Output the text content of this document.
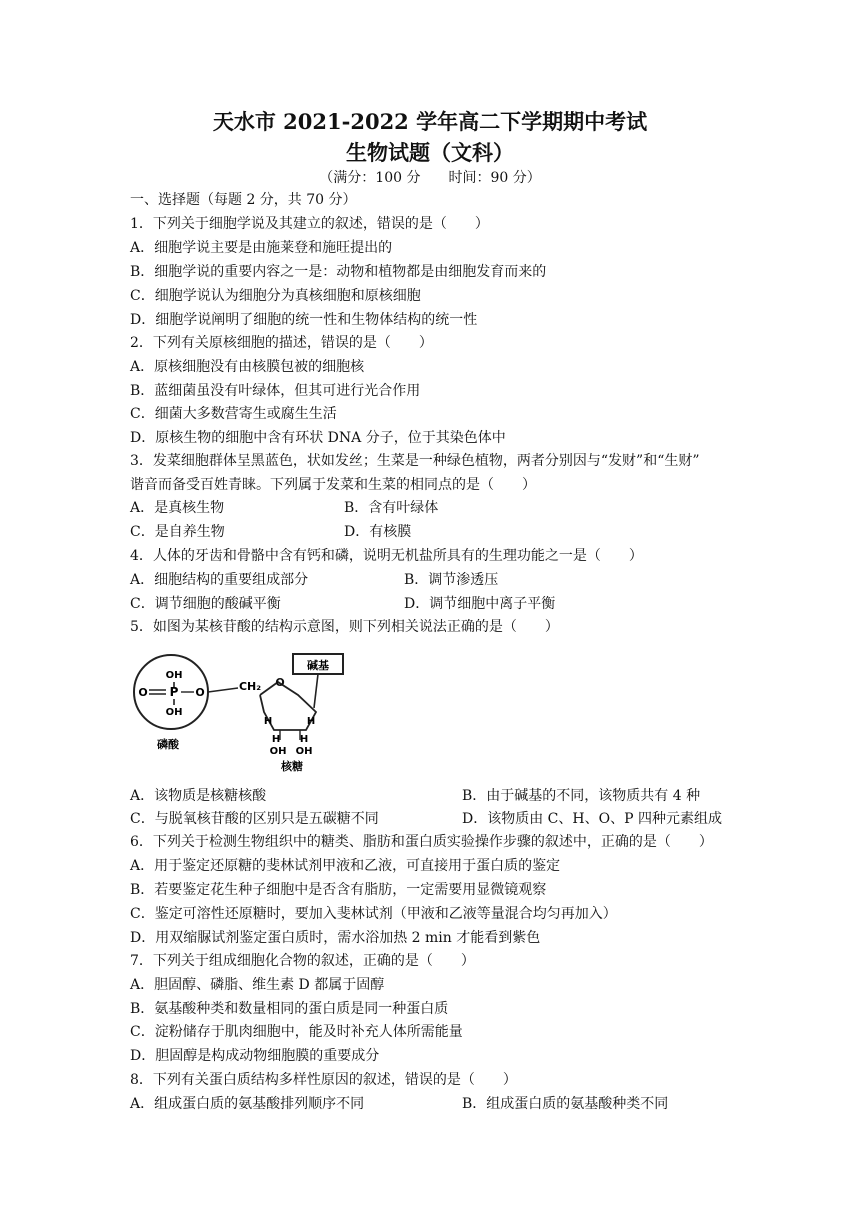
天水市 2021-2022 学年高二下学期期中考试
生物试题（文科）
（满分：100 分　　时间：90 分）
一、选择题（每题 2 分，共 70 分）
1．下列关于细胞学说及其建立的叙述，错误的是（　　）
A．细胞学说主要是由施莱登和施旺提出的
B．细胞学说的重要内容之一是：动物和植物都是由细胞发育而来的
C．细胞学说认为细胞分为真核细胞和原核细胞
D．细胞学说阐明了细胞的统一性和生物体结构的统一性
2．下列有关原核细胞的描述，错误的是（　　）
A．原核细胞没有由核膜包被的细胞核
B．蓝细菌虽没有叶绿体，但其可进行光合作用
C．细菌大多数营寄生或腐生生活
D．原核生物的细胞中含有环状 DNA 分子，位于其染色体中
3．发菜细胞群体呈黑蓝色，状如发丝；生菜是一种绿色植物，两者分别因与“发财”和“生财”
谐音而备受百姓青睐。下列属于发菜和生菜的相同点的是（　　）
A．是真核生物	B．含有叶绿体
C．是自养生物	D．有核膜
4．人体的牙齿和骨骼中含有钙和磷，说明无机盐所具有的生理功能之一是（　　）
A．细胞结构的重要组成部分	B．调节渗透压
C．调节细胞的酸碱平衡	D．调节细胞中离子平衡
5．如图为某核苷酸的结构示意图，则下列相关说法正确的是（　　）
OH
O P O
OH
磷酸
CH₂ O
碱基
H	H
H H
OH OH
核糖
A．该物质是核糖核酸	B．由于碱基的不同，该物质共有 4 种
C．与脱氧核苷酸的区别只是五碳糖不同	D．该物质由 C、H、O、P 四种元素组成
6．下列关于检测生物组织中的糖类、脂肪和蛋白质实验操作步骤的叙述中，正确的是（　　）
A．用于鉴定还原糖的斐林试剂甲液和乙液，可直接用于蛋白质的鉴定
B．若要鉴定花生种子细胞中是否含有脂肪，一定需要用显微镜观察
C．鉴定可溶性还原糖时，要加入斐林试剂（甲液和乙液等量混合均匀再加入）
D．用双缩脲试剂鉴定蛋白质时，需水浴加热 2 min 才能看到紫色
7．下列关于组成细胞化合物的叙述，正确的是（　　）
A．胆固醇、磷脂、维生素 D 都属于固醇
B．氨基酸种类和数量相同的蛋白质是同一种蛋白质
C．淀粉储存于肌肉细胞中，能及时补充人体所需能量
D．胆固醇是构成动物细胞膜的重要成分
8．下列有关蛋白质结构多样性原因的叙述，错误的是（　　）
A．组成蛋白质的氨基酸排列顺序不同	B．组成蛋白质的氨基酸种类不同
